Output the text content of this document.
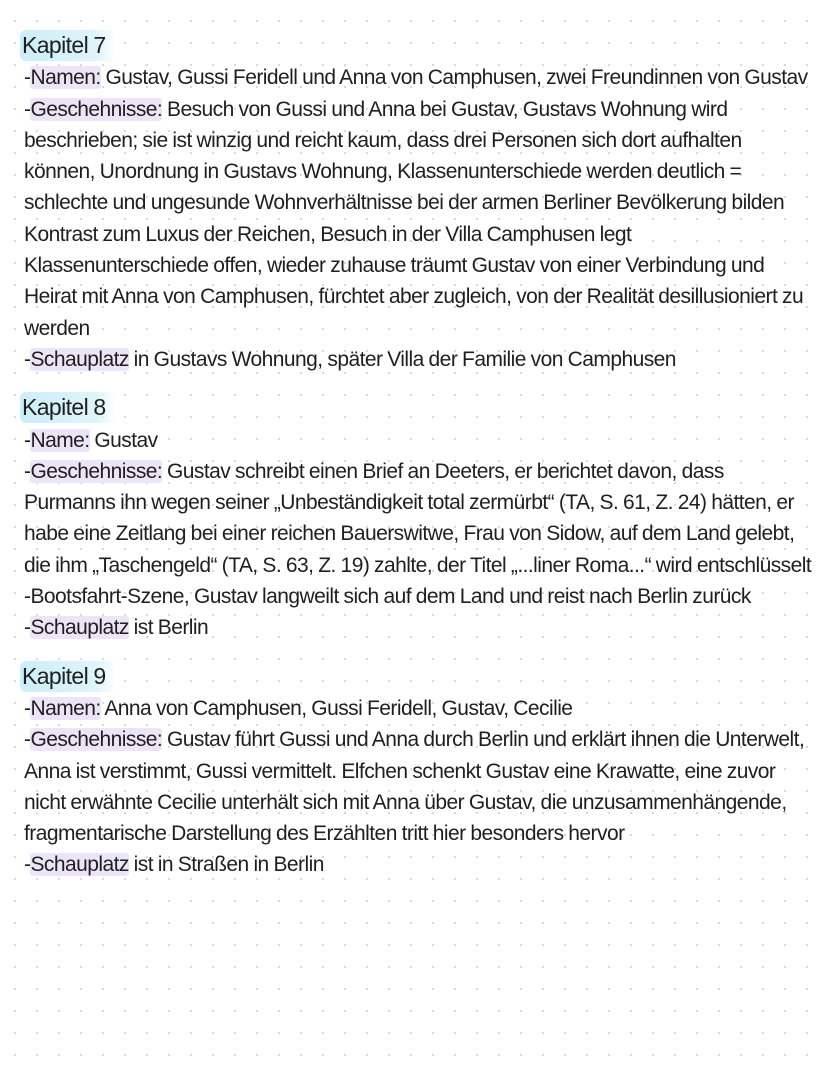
Kapitel 7

-Namen: Gustav, Gussi Feridell und Anna von Camphusen, zwei Freundinnen von Gustav

-Geschehnisse: Besuch von Gussi und Anna bei Gustav, Gustavs Wohnung wird beschrieben; sie ist winzig und reicht kaum, dass drei Personen sich dort aufhalten können, Unordnung in Gustavs Wohnung, Klassenunterschiede werden deutlich = schlechte und ungesunde Wohnverhältnisse bei der armen Berliner Bevölkerung bilden Kontrast zum Luxus der Reichen, Besuch in der Villa Camphusen legt Klassenunterschiede offen, wieder zuhause träumt Gustav von einer Verbindung und Heirat mit Anna von Camphusen, fürchtet aber zugleich, von der Realität desillusioniert zu werden

-Schauplatz in Gustavs Wohnung, später Villa der Familie von Camphusen

Kapitel 8

-Name: Gustav

-Geschehnisse: Gustav schreibt einen Brief an Deeters, er berichtet davon, dass Purmanns ihn wegen seiner „Unbeständigkeit total zermürbt“ (TA, S. 61, Z. 24) hätten, er habe eine Zeitlang bei einer reichen Bauerswitwe, Frau von Sidow, auf dem Land gelebt, die ihm „Taschengeld“ (TA, S. 63, Z. 19) zahlte, der Titel „...liner Roma...“ wird entschlüsselt -Bootsfahrt-Szene, Gustav langweilt sich auf dem Land und reist nach Berlin zurück

-Schauplatz ist Berlin

Kapitel 9

-Namen: Anna von Camphusen, Gussi Feridell, Gustav, Cecilie

-Geschehnisse: Gustav führt Gussi und Anna durch Berlin und erklärt ihnen die Unterwelt, Anna ist verstimmt, Gussi vermittelt. Elfchen schenkt Gustav eine Krawatte, eine zuvor nicht erwähnte Cecilie unterhält sich mit Anna über Gustav, die unzusammenhängende, fragmentarische Darstellung des Erzählten tritt hier besonders hervor

-Schauplatz ist in Straßen in Berlin
